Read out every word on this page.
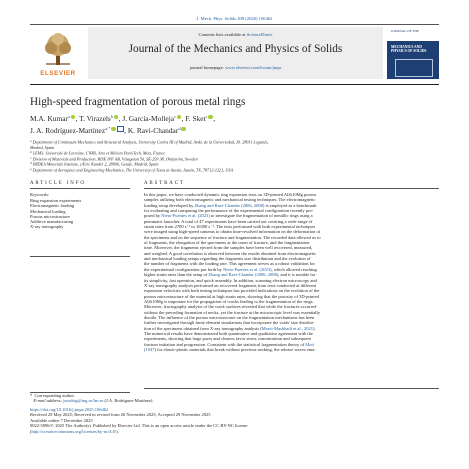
J. Mech. Phys. Solids 208 (2026) 106462
ELSEVIER
Contents lists available at ScienceDirect
Journal of the Mechanics and Physics of Solids
journal homepage: www.elsevier.com/locate/jmps
JOURNAL OF THE
MECHANICS AND
PHYSICS OF SOLIDS
High-speed fragmentation of porous metal rings
M.A. Kumar$^a$ , T. Virazels$^b$ , J. García-Molleja$^c$ , F. Sket$^c$ ,
J. A. Rodríguez-Martínez$^{a,*}$ , K. Ravi-Chandar$^d$
$^a$ Department of Continuum Mechanics and Structural Analysis, University Carlos III of Madrid, Avda. de la Universidad, 30. 28911 Leganés,
Madrid, Spain
$^b$ LEM3, Université de Lorraine, CNRS, Arts et Métiers ParisTech, Metz, France
$^c$ Division of Materials and Production, RISE IVF AB, Västgatan 50, SE-293 38, Olofström, Sweden
$^d$ IMDEA Materials Institute, c/Eric Kandel 2, 28906, Getafe, Madrid, Spain
$^e$ Department of Aerospace and Engineering Mechanics, The University of Texas at Austin, Austin, TX, 78712-1221, USA
ARTICLE INFO	ABSTRACT
Keywords:
Ring expansion experiments
Electromagnetic loading
Mechanical loading
Porous microstructure
Additive manufacturing
X-ray tomography
In this paper, we have conducted dynamic ring expansion tests on 3D-printed AlSi10Mg porous
samples utilizing both electromagnetic and mechanical testing techniques. The electromagnetic
loading setup developed by Zhang and Ravi-Chandar (2006, 2008) is employed as a benchmark
for evaluating and comparing the performance of the experimental configuration recently pro-
posed by Nieto-Fuentes et al. (2023) to investigate the fragmentation of metallic rings using a
pneumatic launcher. A total of 47 experiments have been carried out covering a wide range of
strain rates from 2700 s⁻¹ to 16300 s⁻¹. The tests performed with both experimental techniques
were imaged using high-speed cameras to obtain time-resolved information on the deformation of
the specimens and on the sequence of fracture and fragmentation. The recorded data allowed us to
of fragments, the elongation of the specimens at the onset of fracture, and the fragmentation
time. Moreover, the fragments ejected from the samples have been well recovered, measured,
and weighed. A good correlation is observed between the results obtained from electromagnetic
and mechanical loading setups regarding the fragments size distribution and the evolution of
the number of fragments with the loading rate. This agreement serves as a robust validation for
the experimental configuration put forth by Nieto-Fuentes et al. (2023), which allowed reaching
higher strain rates than the setup of Zhang and Ravi-Chandar (2006, 2008), and it is notable for
its simplicity, fast operation, and quick assembly. In addition, scanning electron microscopy and
X-ray tomography analysis performed on recovered fragments from tests conducted at different
expansion velocities with both testing techniques has provided indications on the evolution of the
porous microstructure of the material at high strain rates, showing that the porosity of 3D-printed
AlSi10Mg is important for the propagation of cracks leading to the fragmentation of the rings.
Moreover, fractography analysis of the crack surfaces revealed that while the fractures occurred
without the preceding formation of necks, yet the fracture at the microscopic level was essentially
ductile. The influence of the porous microstructure on the fragmentation mechanisms has been
further investigated through finite element simulations that incorporate the voids' size distribu-
tion of the specimens obtained from X-ray tomography analysis (Marvi-Mashhadi et al., 2021).
The numerical results have demonstrated both quantitative and qualitative agreement with the
experiments, showing that large pores and clusters favor stress concentration and subsequent
fracture initiation and progression. Consistent with the statistical fragmentation theory of Mott
(1947) for elastic-plastic materials that break without previous necking, the release waves ema-
* Corresponding author.
E-mail address: jarodrig@ing.uc3m.es (J.A. Rodríguez-Martínez).
https://doi.org/10.1016/j.jmps.2025.106462
Received 29 May 2025; Received in revised form 26 November 2025; Accepted 29 November 2025
Available online 7 December 2025
0022-5096/© 2025 The Author(s). Published by Elsevier Ltd. This is an open access article under the CC BY-NC license
(http://creativecommons.org/licenses/by-nc/4.0/).
